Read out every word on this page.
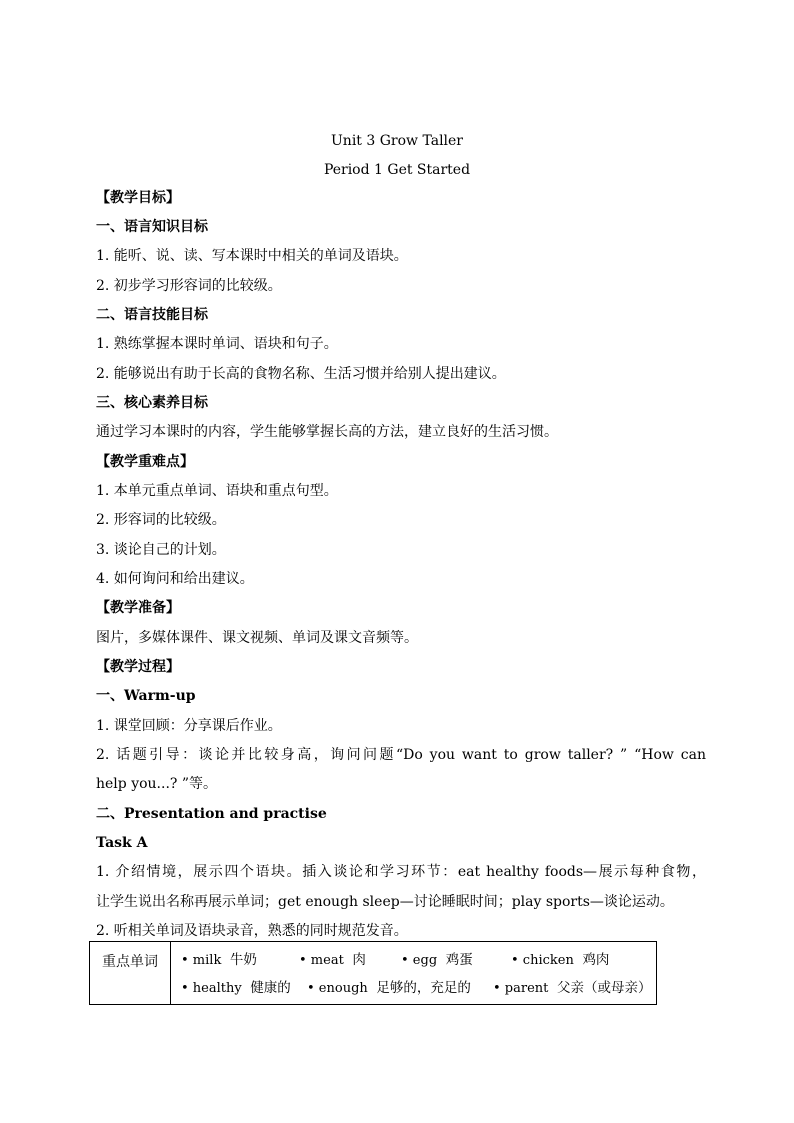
Unit 3 Grow Taller
Period 1 Get Started
【教学目标】
一、语言知识目标
1. 能听、说、读、写本课时中相关的单词及语块。
2. 初步学习形容词的比较级。
二、语言技能目标
1. 熟练掌握本课时单词、语块和句子。
2. 能够说出有助于长高的食物名称、生活习惯并给别人提出建议。
三、核心素养目标
通过学习本课时的内容，学生能够掌握长高的方法，建立良好的生活习惯。
【教学重难点】
1. 本单元重点单词、语块和重点句型。
2. 形容词的比较级。
3. 谈论自己的计划。
4. 如何询问和给出建议。
【教学准备】
图片，多媒体课件、课文视频、单词及课文音频等。
【教学过程】
一、Warm-up
1. 课堂回顾：分享课后作业。
2. 话题引导：谈论并比较身高，询问问题“Do you want to grow taller? ” “How can
help you...? ”等。
二、Presentation and practise
Task A
1. 介绍情境，展示四个语块。插入谈论和学习环节：eat healthy foods—展示每种食物，
让学生说出名称再展示单词；get enough sleep—讨论睡眠时间；play sports—谈论运动。
2. 听相关单词及语块录音，熟悉的同时规范发音。
重点单词	• milk 牛奶	• meat 肉	• egg 鸡蛋	• chicken 鸡肉
• healthy 健康的 • enough 足够的，充足的 • parent 父亲（或母亲）
